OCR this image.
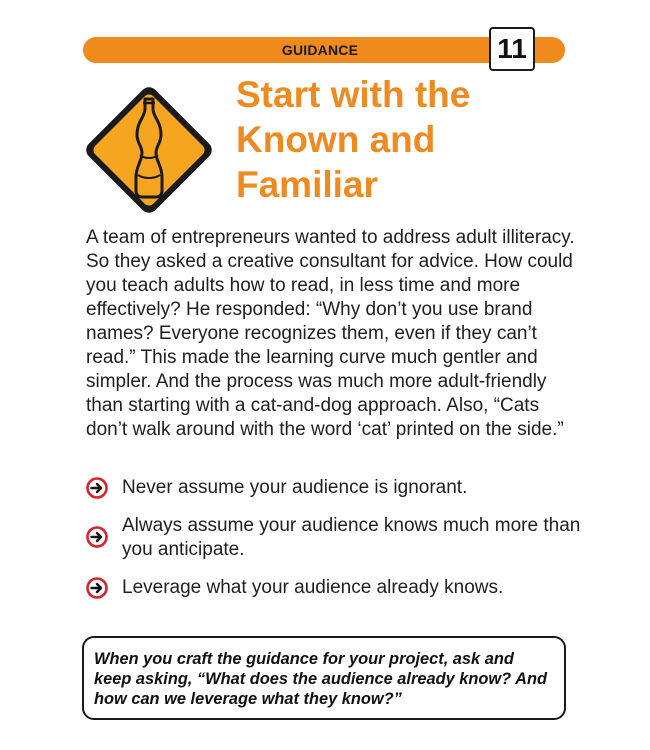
GUIDANCE	11
Start with the
Known and
Familiar

A team of entrepreneurs wanted to address adult illiteracy. So they asked a creative consultant for advice. How could you teach adults how to read, in less time and more effectively? He responded: “Why don’t you use brand names? Everyone recognizes them, even if they can’t read.” This made the learning curve much gentler and simpler. And the process was much more adult-friendly than starting with a cat-and-dog approach. Also, “Cats don’t walk around with the word ‘cat’ printed on the side.”

Never assume your audience is ignorant.
Always assume your audience knows much more than you anticipate.
Leverage what your audience already knows.

When you craft the guidance for your project, ask and keep asking, “What does the audience already know? And how can we leverage what they know?”
